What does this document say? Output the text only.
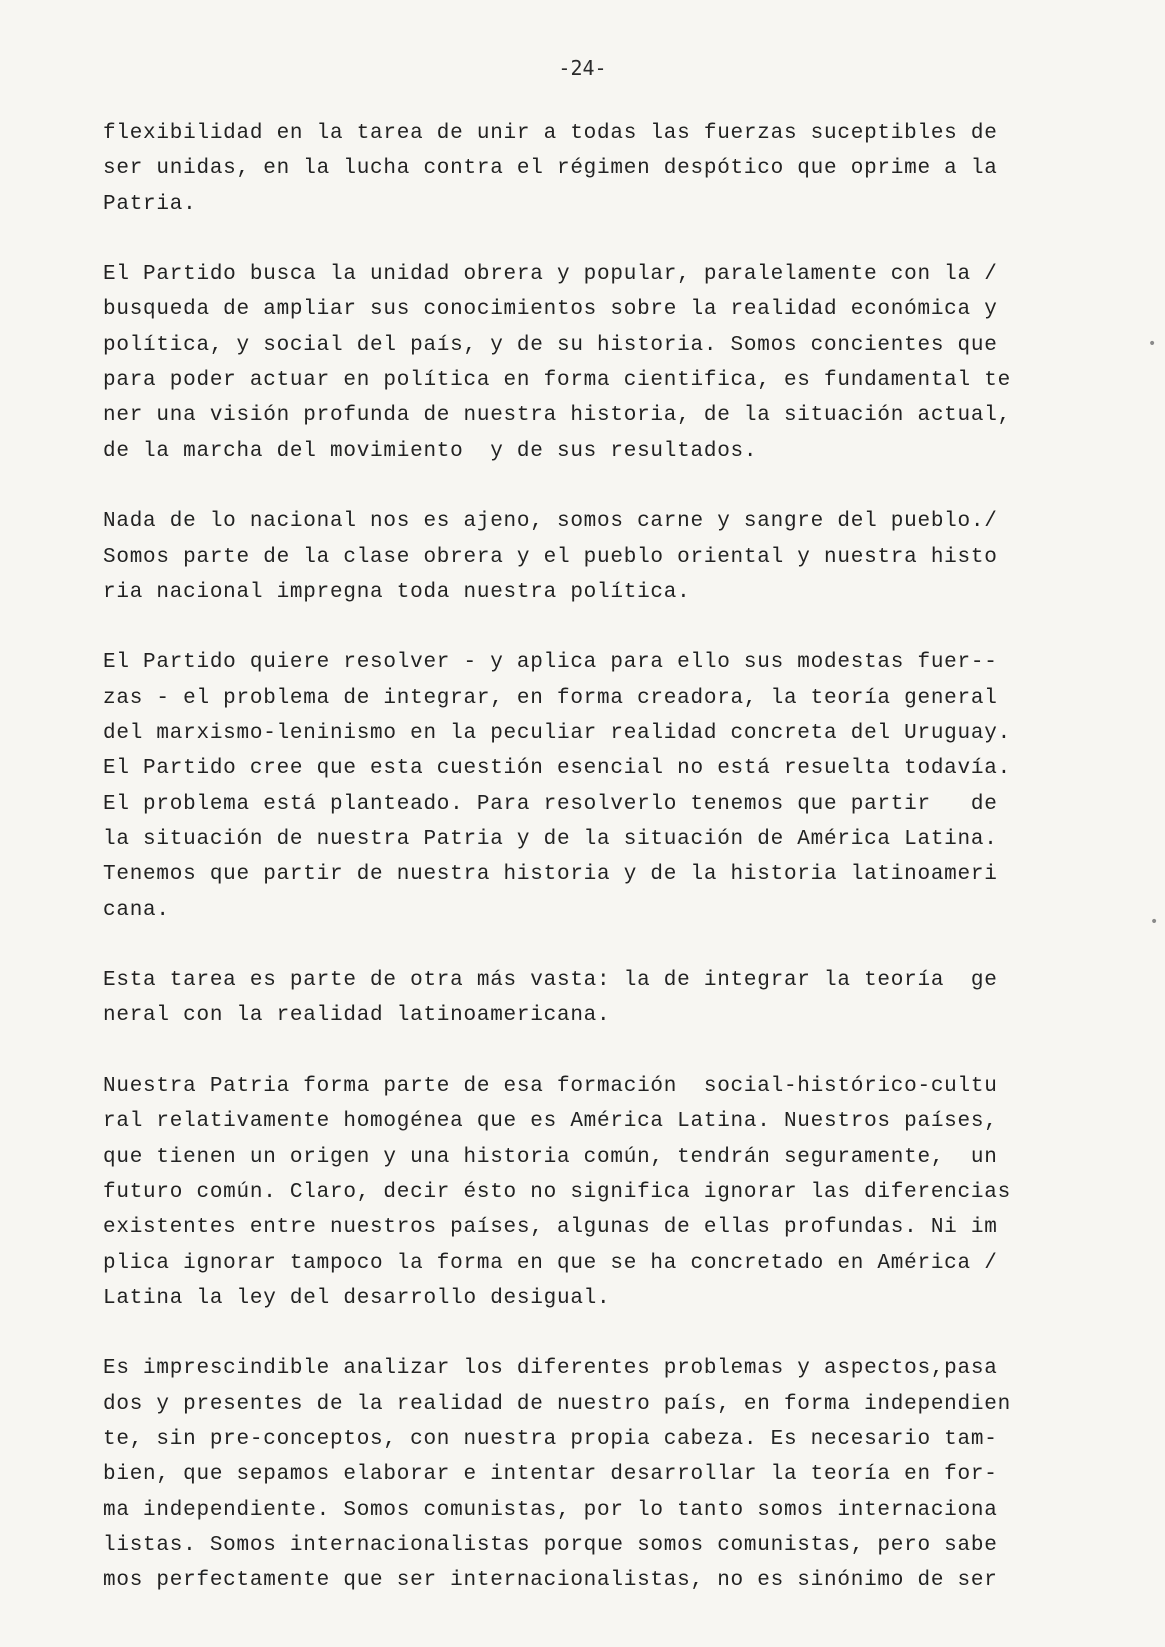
-24-
flexibilidad en la tarea de unir a todas las fuerzas suceptibles de
ser unidas, en la lucha contra el régimen despótico que oprime a la
Patria.
El Partido busca la unidad obrera y popular, paralelamente con la /
busqueda de ampliar sus conocimientos sobre la realidad económica y
política, y social del país, y de su historia. Somos concientes que
para poder actuar en política en forma cientifica, es fundamental te
ner una visión profunda de nuestra historia, de la situación actual,
de la marcha del movimiento  y de sus resultados.
Nada de lo nacional nos es ajeno, somos carne y sangre del pueblo./
Somos parte de la clase obrera y el pueblo oriental y nuestra histo
ria nacional impregna toda nuestra política.
El Partido quiere resolver - y aplica para ello sus modestas fuer--
zas - el problema de integrar, en forma creadora, la teoría general
del marxismo-leninismo en la peculiar realidad concreta del Uruguay.
El Partido cree que esta cuestión esencial no está resuelta todavía.
El problema está planteado. Para resolverlo tenemos que partir   de
la situación de nuestra Patria y de la situación de América Latina.
Tenemos que partir de nuestra historia y de la historia latinoameri
cana.
Esta tarea es parte de otra más vasta: la de integrar la teoría  ge
neral con la realidad latinoamericana.
Nuestra Patria forma parte de esa formación  social-histórico-cultu
ral relativamente homogénea que es América Latina. Nuestros países,
que tienen un origen y una historia común, tendrán seguramente,  un
futuro común. Claro, decir ésto no significa ignorar las diferencias
existentes entre nuestros países, algunas de ellas profundas. Ni im
plica ignorar tampoco la forma en que se ha concretado en América /
Latina la ley del desarrollo desigual.
Es imprescindible analizar los diferentes problemas y aspectos,pasa
dos y presentes de la realidad de nuestro país, en forma independien
te, sin pre-conceptos, con nuestra propia cabeza. Es necesario tam-
bien, que sepamos elaborar e intentar desarrollar la teoría en for-
ma independiente. Somos comunistas, por lo tanto somos internaciona
listas. Somos internacionalistas porque somos comunistas, pero sabe
mos perfectamente que ser internacionalistas, no es sinónimo de ser
•
•
